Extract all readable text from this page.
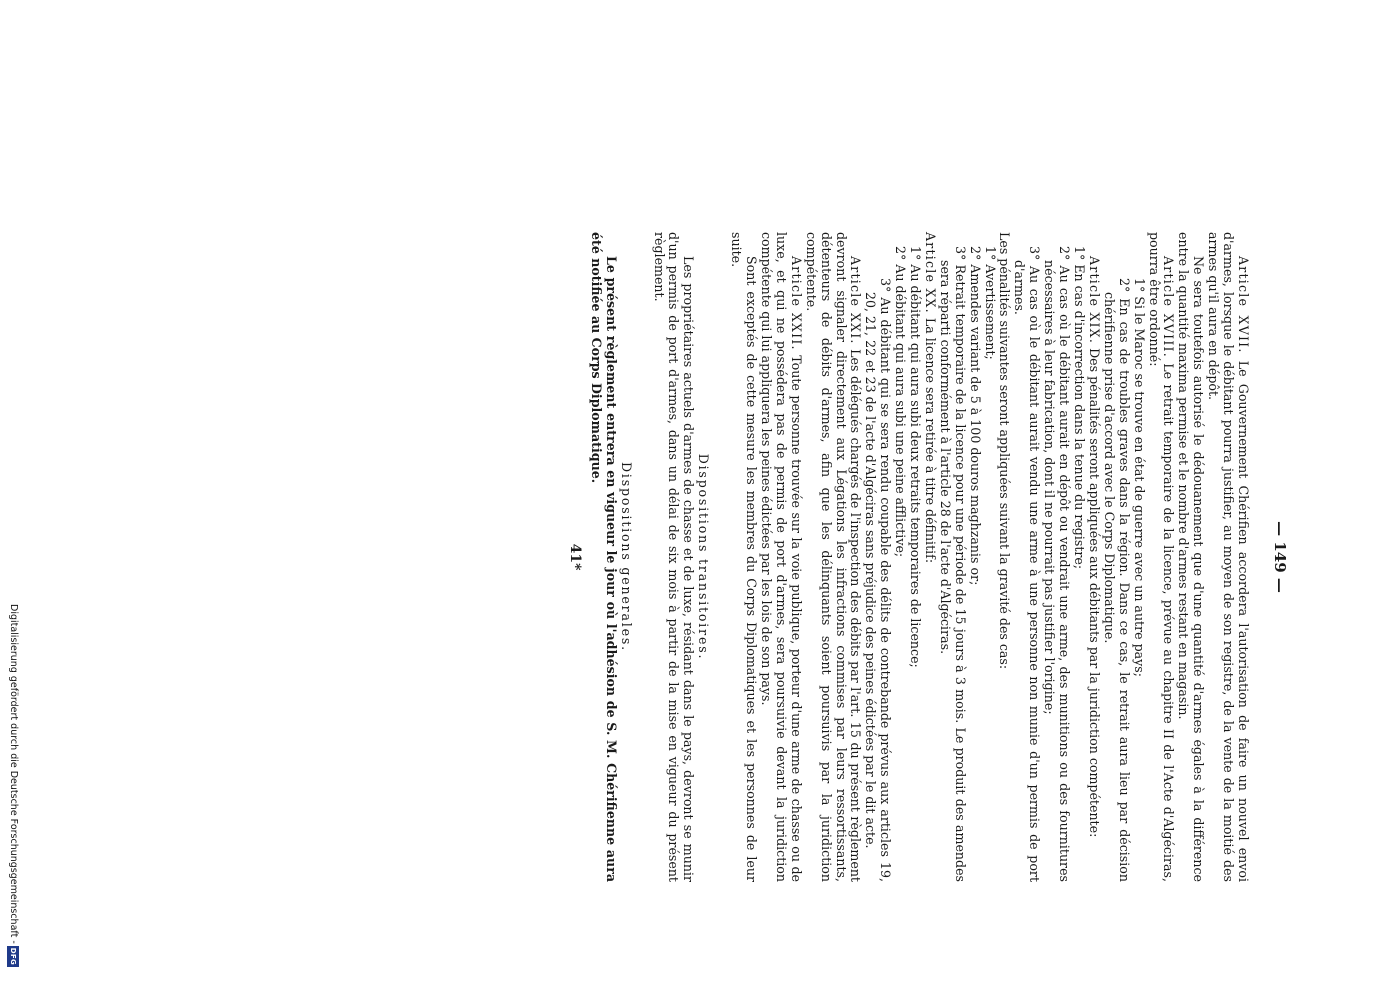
— 149 —

Article XVII. Le Gouvernement Chérifien accordera l'autorisation de faire un nouvel envoi d'armes, lorsque le débitant pourra justifier, au moyen de son registre, de la vente de la moitié des armes qu'il aura en dépôt.

Ne sera toutefois autorisé le dédouanement que d'une quantité d'armes égales à la différence entre la quantité maxima permise et le nombre d'armes restant en magasin.

Article XVIII. Le retrait temporaire de la licence, prévue au chapitre II de l'Acte d'Algéciras, pourra être ordonné:

1° Si le Maroc se trouve en état de guerre avec un autre pays;

2° En cas de troubles graves dans la région. Dans ce cas, le retrait aura lieu par décision chérifienne prise d'accord avec le Corps Diplomatique.

Article XIX. Des pénalités seront appliquées aux débitants par la juridiction compétente:

1° En cas d'incorrection dans la tenue du registre;

2° Au cas où le débitant aurait en dépôt ou vendrait une arme, des munitions ou des fournitures nécessaires à leur fabrication, dont il ne pourrait pas justifier l'origine;

3° Au cas où le débitant aurait vendu une arme à une personne non munie d'un permis de port d'armes.

Les pénalités suivantes seront appliquées suivant la gravité des cas:

1° Avertissement;

2° Amendes variant de 5 à 100 douros maghzanis or;

3° Retrait temporaire de la licence pour une période de 15 jours à 3 mois. Le produit des amendes sera réparti conformément à l'article 28 de l'acte d'Algéciras.

Article XX. La licence sera retirée à titre définitif:

1° Au débitant qui aura subi deux retraits temporaires de licence;

2° Au débitant qui aura subi une peine afflictive;

3° Au débitant qui se sera rendu coupable des délits de contrebande prévus aux articles 19, 20, 21, 22 et 23 de l'acte d'Algéciras sans préjudice des peines édictées par le dit acte.

Article XXI. Les délégués chargés de l'inspection des débits par l'art. 15 du présent règlement devront signaler directement aux Légations les infractions commises par leurs ressortissants, détenteurs de débits d'armes, afin que les délinquants soient poursuivis par la juridiction compétente.

Article XXII. Toute personne trouvée sur la voie publique, porteur d'une arme de chasse ou de luxe, et qui ne possédera pas de permis de port d'armes, sera poursuivie devant la juridiction compétente qui lui appliquera les peines édictées par les lois de son pays.

Sont exceptés de cette mesure les membres du Corps Diplomatiques et les personnes de leur suite.

Dispositions transitoires.

Les propriétaires actuels d'armes de chasse et de luxe, résidant dans le pays, devront se munir d'un permis de port d'armes, dans un délai de six mois à partir de la mise en vigueur du présent règlement.

Dispositions generales.

Le présent règlement entrera en vigueur le jour où l'adhésion de S. M. Chérifienne aura été notifiée au Corps Diplomatique.

41*
Digitalisierung gefördert durch die Deutsche Forschungsgemeinschaft -
DFG
